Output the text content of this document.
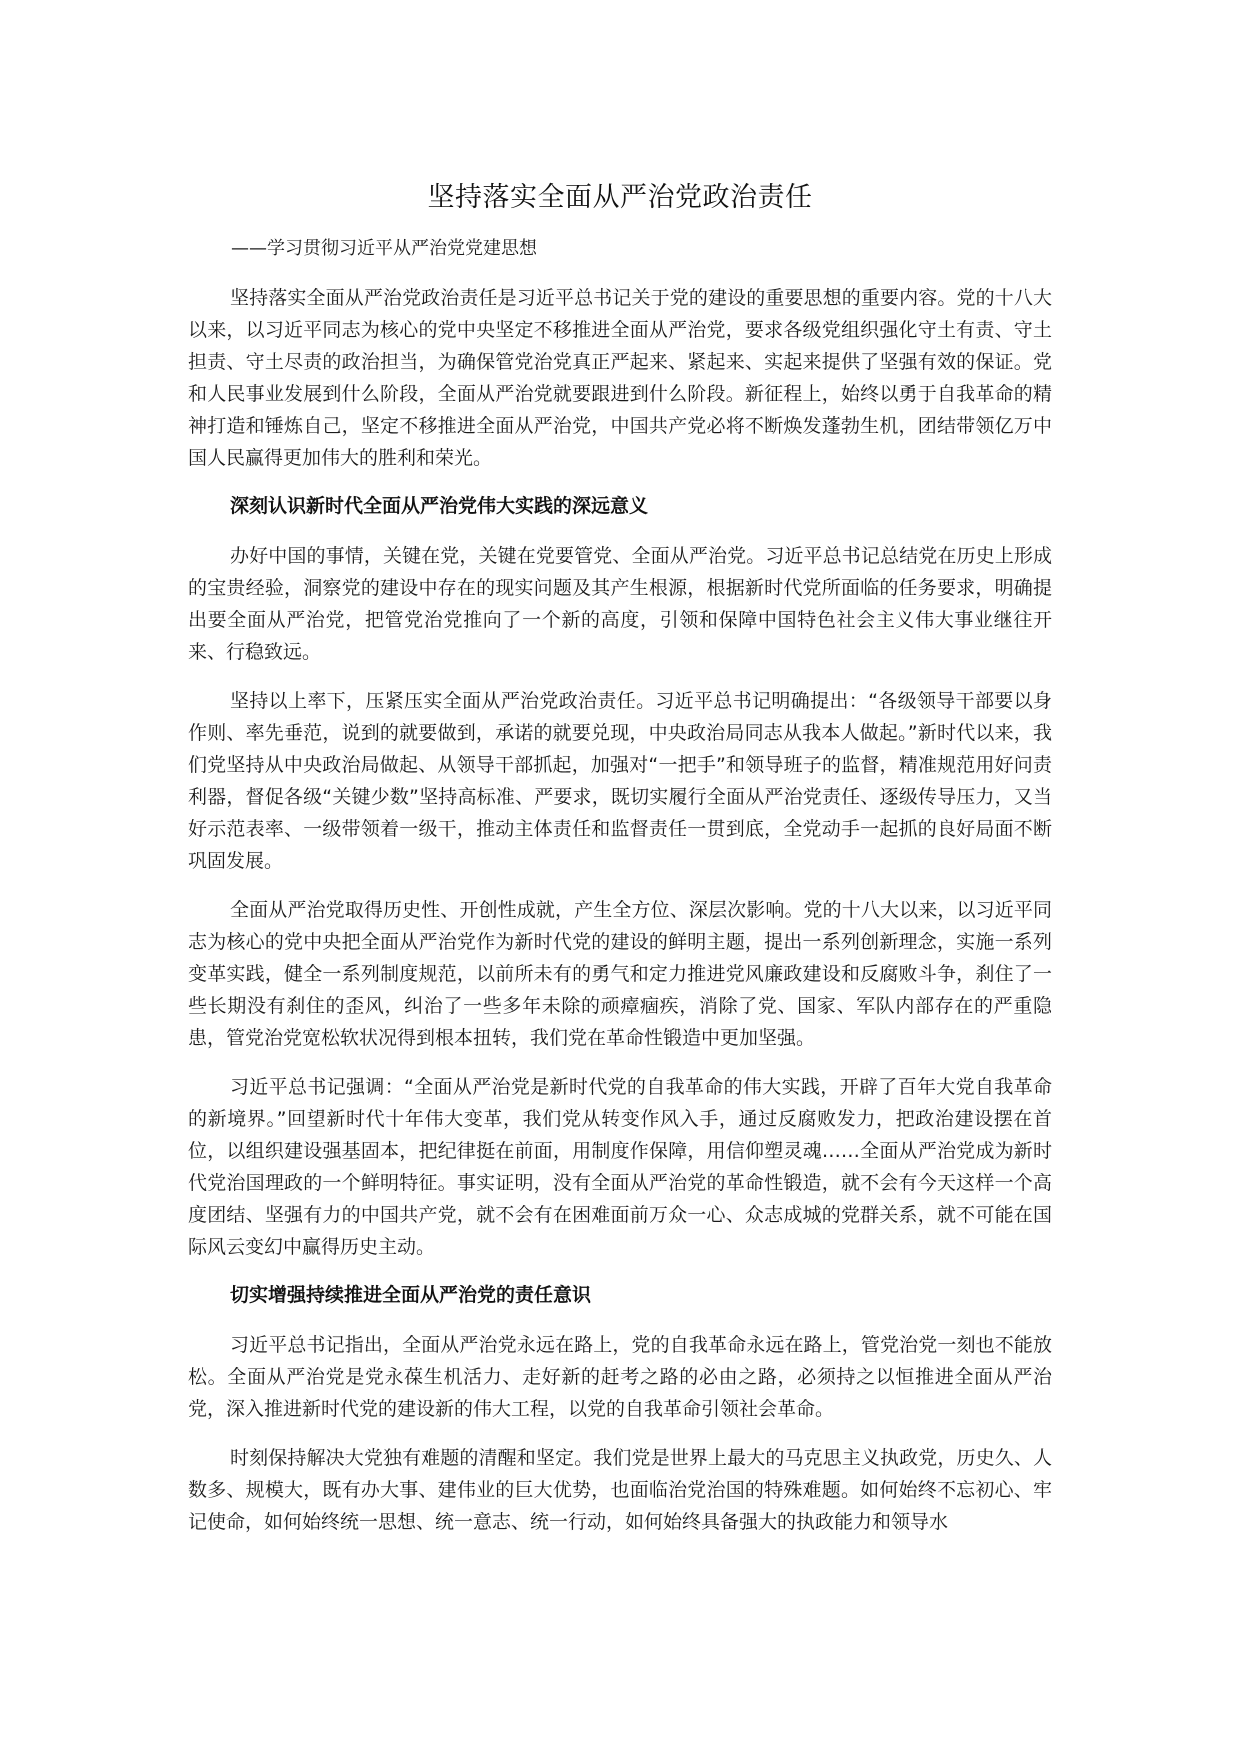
坚持落实全面从严治党政治责任

——学习贯彻习近平从严治党党建思想

坚持落实全面从严治党政治责任是习近平总书记关于党的建设的重要思想的重要内容。党的十八大以来，以习近平同志为核心的党中央坚定不移推进全面从严治党，要求各级党组织强化守土有责、守土担责、守土尽责的政治担当，为确保管党治党真正严起来、紧起来、实起来提供了坚强有效的保证。党和人民事业发展到什么阶段，全面从严治党就要跟进到什么阶段。新征程上，始终以勇于自我革命的精神打造和锤炼自己，坚定不移推进全面从严治党，中国共产党必将不断焕发蓬勃生机，团结带领亿万中国人民赢得更加伟大的胜利和荣光。

深刻认识新时代全面从严治党伟大实践的深远意义

办好中国的事情，关键在党，关键在党要管党、全面从严治党。习近平总书记总结党在历史上形成的宝贵经验，洞察党的建设中存在的现实问题及其产生根源，根据新时代党所面临的任务要求，明确提出要全面从严治党，把管党治党推向了一个新的高度，引领和保障中国特色社会主义伟大事业继往开来、行稳致远。

坚持以上率下，压紧压实全面从严治党政治责任。习近平总书记明确提出：“各级领导干部要以身作则、率先垂范，说到的就要做到，承诺的就要兑现，中央政治局同志从我本人做起。”新时代以来，我们党坚持从中央政治局做起、从领导干部抓起，加强对“一把手”和领导班子的监督，精准规范用好问责利器，督促各级“关键少数”坚持高标准、严要求，既切实履行全面从严治党责任、逐级传导压力，又当好示范表率、一级带领着一级干，推动主体责任和监督责任一贯到底，全党动手一起抓的良好局面不断巩固发展。

全面从严治党取得历史性、开创性成就，产生全方位、深层次影响。党的十八大以来，以习近平同志为核心的党中央把全面从严治党作为新时代党的建设的鲜明主题，提出一系列创新理念，实施一系列变革实践，健全一系列制度规范，以前所未有的勇气和定力推进党风廉政建设和反腐败斗争，刹住了一些长期没有刹住的歪风，纠治了一些多年未除的顽瘴痼疾，消除了党、国家、军队内部存在的严重隐患，管党治党宽松软状况得到根本扭转，我们党在革命性锻造中更加坚强。

习近平总书记强调：“全面从严治党是新时代党的自我革命的伟大实践，开辟了百年大党自我革命的新境界。”回望新时代十年伟大变革，我们党从转变作风入手，通过反腐败发力，把政治建设摆在首位，以组织建设强基固本，把纪律挺在前面，用制度作保障，用信仰塑灵魂……全面从严治党成为新时代党治国理政的一个鲜明特征。事实证明，没有全面从严治党的革命性锻造，就不会有今天这样一个高度团结、坚强有力的中国共产党，就不会有在困难面前万众一心、众志成城的党群关系，就不可能在国际风云变幻中赢得历史主动。

切实增强持续推进全面从严治党的责任意识

习近平总书记指出，全面从严治党永远在路上，党的自我革命永远在路上，管党治党一刻也不能放松。全面从严治党是党永葆生机活力、走好新的赶考之路的必由之路，必须持之以恒推进全面从严治党，深入推进新时代党的建设新的伟大工程，以党的自我革命引领社会革命。

时刻保持解决大党独有难题的清醒和坚定。我们党是世界上最大的马克思主义执政党，历史久、人数多、规模大，既有办大事、建伟业的巨大优势，也面临治党治国的特殊难题。如何始终不忘初心、牢记使命，如何始终统一思想、统一意志、统一行动，如何始终具备强大的执政能力和领导水
